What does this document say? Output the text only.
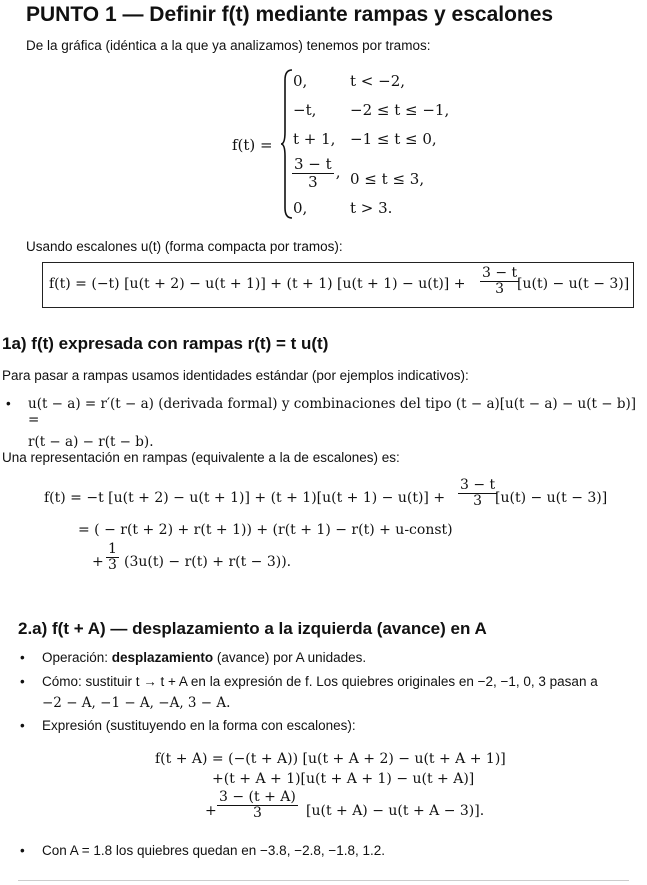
PUNTO 1 — Definir f(t) mediante rampas y escalones
De la gráfica (idéntica a la que ya analizamos) tenemos por tramos:
f(t) =
0,	t < −2,
−t, −2 ≤ t ≤ −1,
t + 1, −1 ≤ t ≤ 0,
$\frac{3 - t}{3}$ , 0 ≤ t ≤ 3,
0,	t > 3.
Usando escalones u(t) (forma compacta por tramos):
f(t) = (−t) [u(t + 2) − u(t + 1)] + (t + 1) $[u(t + 1) - u(t)] + \frac{3 - t}{3}$
[u(t) − u(t − 3)]
1a) f(t) expresada con rampas r(t) = t u(t)
Para pasar a rampas usamos identidades estándar (por ejemplos indicativos):
• u(t − a) = r′(t − a) (derivada formal) y combinaciones del tipo (t − a)[u(t − a) − u(t − b)] =
r(t − a) − r(t − b).
Una representación en rampas (equivalente a la de escalones) es:
f(t) = −t $[u(t + 2) - u(t + 1)] + (t + 1)[u(t + 1) - u(t)] + \frac{3 - t}{3}$
[u(t) − u(t − 3)]
= ( − r(t + 2) + r(t + 1)) + (r(t + 1) − r(t) + u-const)
+ $\frac{1}{3} (3u(t) - r(t) + r(t - 3))$.
2.a) f(t + A) — desplazamiento a la izquierda (avance) en A
• Operación: desplazamiento (avance) por A unidades.
• Cómo: sustituir t → t + A en la expresión de f. Los quiebres originales en −2, −1, 0, 3 pasan a
−2 − A, −1 − A, −A, 3 − A.
• Expresión (sustituyendo en la forma con escalones):
f(t + A) = (−(t + A)) [u(t + A + 2) − u(t + A + 1)]
+(t + A + 1)[u(t + A + 1) − u(t + A)]
+ $\frac{3 - (t + A)}{3} [u(t + A) - u(t + A - 3)]$.
• Con A = 1.8 los quiebres quedan en −3.8, −2.8, −1.8, 1.2.
